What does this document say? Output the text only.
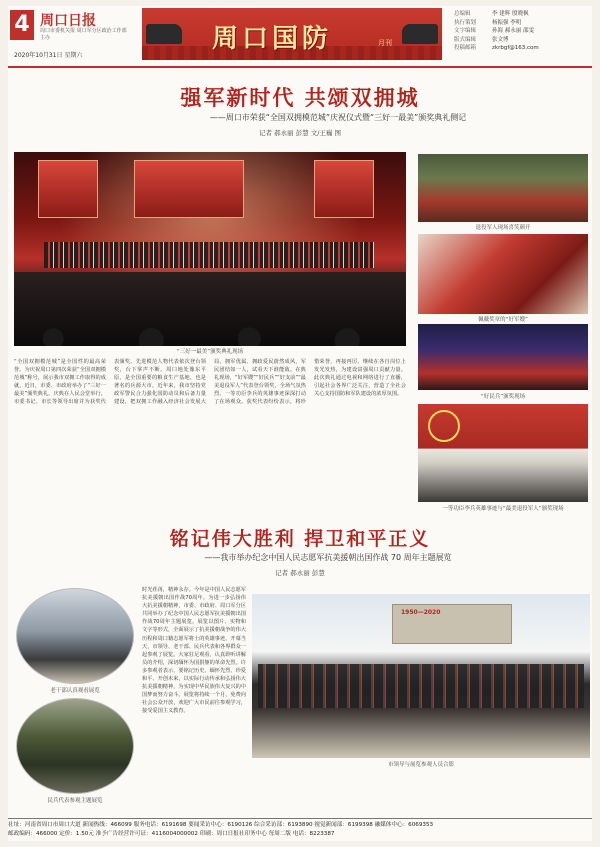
4 周口日报
周口市委机关报 周口军分区政治工作部 主办
2020年10月31日 星期六
周口国防	月刊
总编辑	李 建辉 殷晓枫
执行策划	杨振强 李明
文字编辑	孙海 郝永丽 邵雯
版式编辑	张文博
投稿邮箱	zkrbgf@163.com
强军新时代 共颂双拥城
——周口市荣获“全国双拥模范城”庆祝仪式暨“三好一最美”颁奖典礼侧记
记者 郝永丽 彭慧 文/王巍 图
“三好一最美”颁奖典礼现场
退役军人现场喜笑颜开
佩戴奖章的“好军嫂”
“好民兵”颁奖现场
一等功臣李兵英雄事迹与“最美退役军人”颁奖现场
“全国双拥模范城”是全国性的最高荣誉。为庆祝周口第四次荣获“全国双拥模范城”称号，展示我市双拥工作取得的成就，近日，市委、市政府举办了“三好一最美”颁奖典礼。庆典在人民会堂举行，市委书记、市长等领导出席并为获奖代表颁奖。先进模范人物代表依次登台领奖，台下掌声不断。周口地处豫东平原，是全国重要的粮食生产基地，也是著名的兵源大市。近年来，我市坚持党政军警民合力强化国防动员和后备力量建设，把双拥工作融入经济社会发展大局，拥军优属、拥政爱民蔚然成风，军民团结如一人，试看天下谁能敌。在典礼现场，“好军嫂”“好民兵”“好支前”“最美退役军人”代表登台领奖，全场气氛热烈。一等功臣李兵的英雄事迹深深打动了在场观众。获奖代表纷纷表示，将珍惜荣誉，再接再厉，继续在各自岗位上发光发热，为建设富强周口贡献力量。此次典礼通过电视和网络进行了直播，引起社会各界广泛关注，营造了全社会关心支持国防和军队建设的浓厚氛围。
铭记伟大胜利 捍卫和平正义
——我市举办纪念中国人民志愿军抗美援朝出国作战 70 周年主题展览
记者 郝永丽 彭慧
老干部认真观看展览
民兵代表参观主题展览
时光荏苒，精神永存。今年是中国人民志愿军抗美援朝出国作战70周年。为进一步弘扬伟大抗美援朝精神，市委、市政府、周口军分区共同举办了纪念中国人民志愿军抗美援朝出国作战70周年主题展览。展览以图片、实物和文字等形式，全面展示了抗美援朝战争的伟大历程和周口籍志愿军将士的英雄事迹。开幕当天，市领导、老干部、民兵代表和各界群众一起参观了展览。大家驻足观看，认真聆听讲解员的介绍，深切缅怀为国捐躯的革命先烈。许多参观者表示，要铭记历史、缅怀先烈、珍爱和平、开创未来，以实际行动传承和弘扬伟大抗美援朝精神，为实现中华民族伟大复兴的中国梦而努力奋斗。展览将持续一个月，免费向社会公众开放，欢迎广大市民前往参观学习，接受爱国主义教育。
1950—2020
市领导与展览参观人员合影
社址：河南省周口市周口大道 新闻热线：466099 服务电话：6191698 要闻采访中心：6190126 综合采访部：6193890 视觉新闻部：6199398 融媒体中心：6069353
邮政编码：466000 定价：1.50元 准予广告经营许可证：4116004000002 印刷：周口日报社印务中心 每周二版 电话：8223387
